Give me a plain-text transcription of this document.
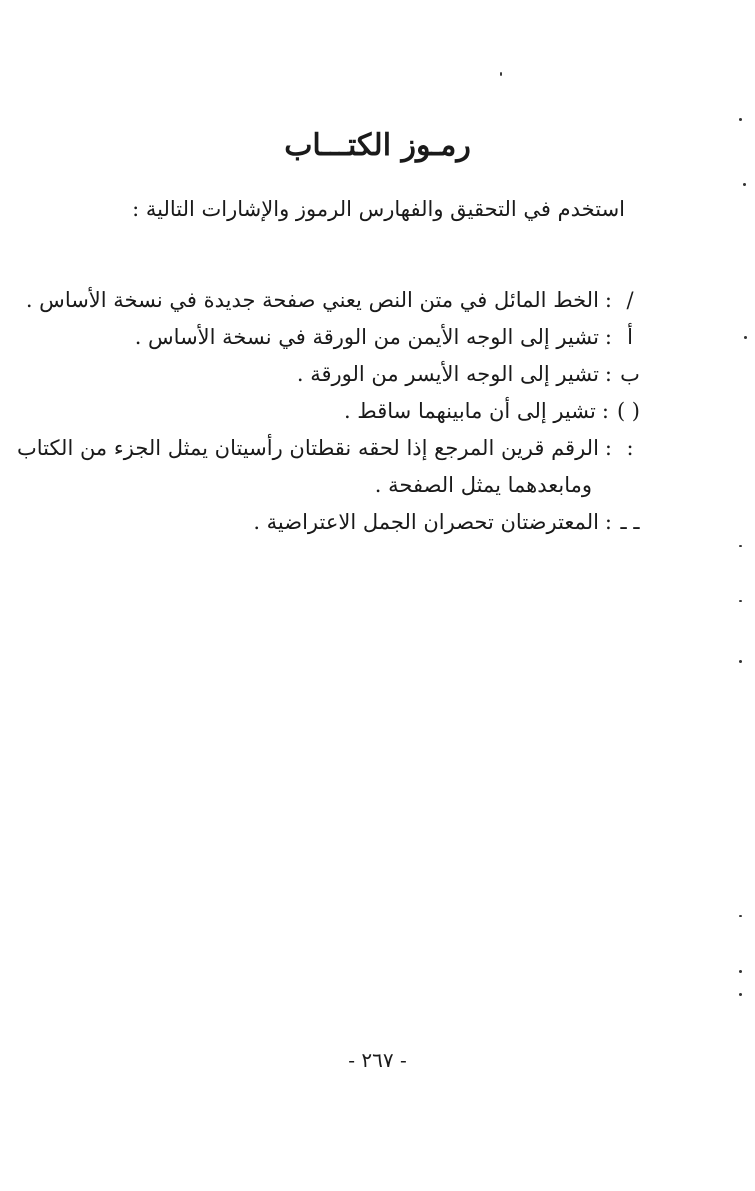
رمـوز الكتـــاب
استخدم في التحقيق والفهارس الرموز والإشارات التالية :
/
:
الخط المائل في متن النص يعني صفحة جديدة في نسخة الأساس .
أ
:
تشير إلى الوجه الأيمن من الورقة في نسخة الأساس .
ب
:
تشير إلى الوجه الأيسر من الورقة .
( )
:
تشير إلى أن مابينهما ساقط .
:
:
الرقم قرين المرجع إذا لحقه نقطتان رأسيتان يمثل الجزء من الكتاب
ومابعدهما يمثل الصفحة .
ـ ـ
:
المعترضتان تحصران الجمل الاعتراضية .
- ٢٦٧ -
